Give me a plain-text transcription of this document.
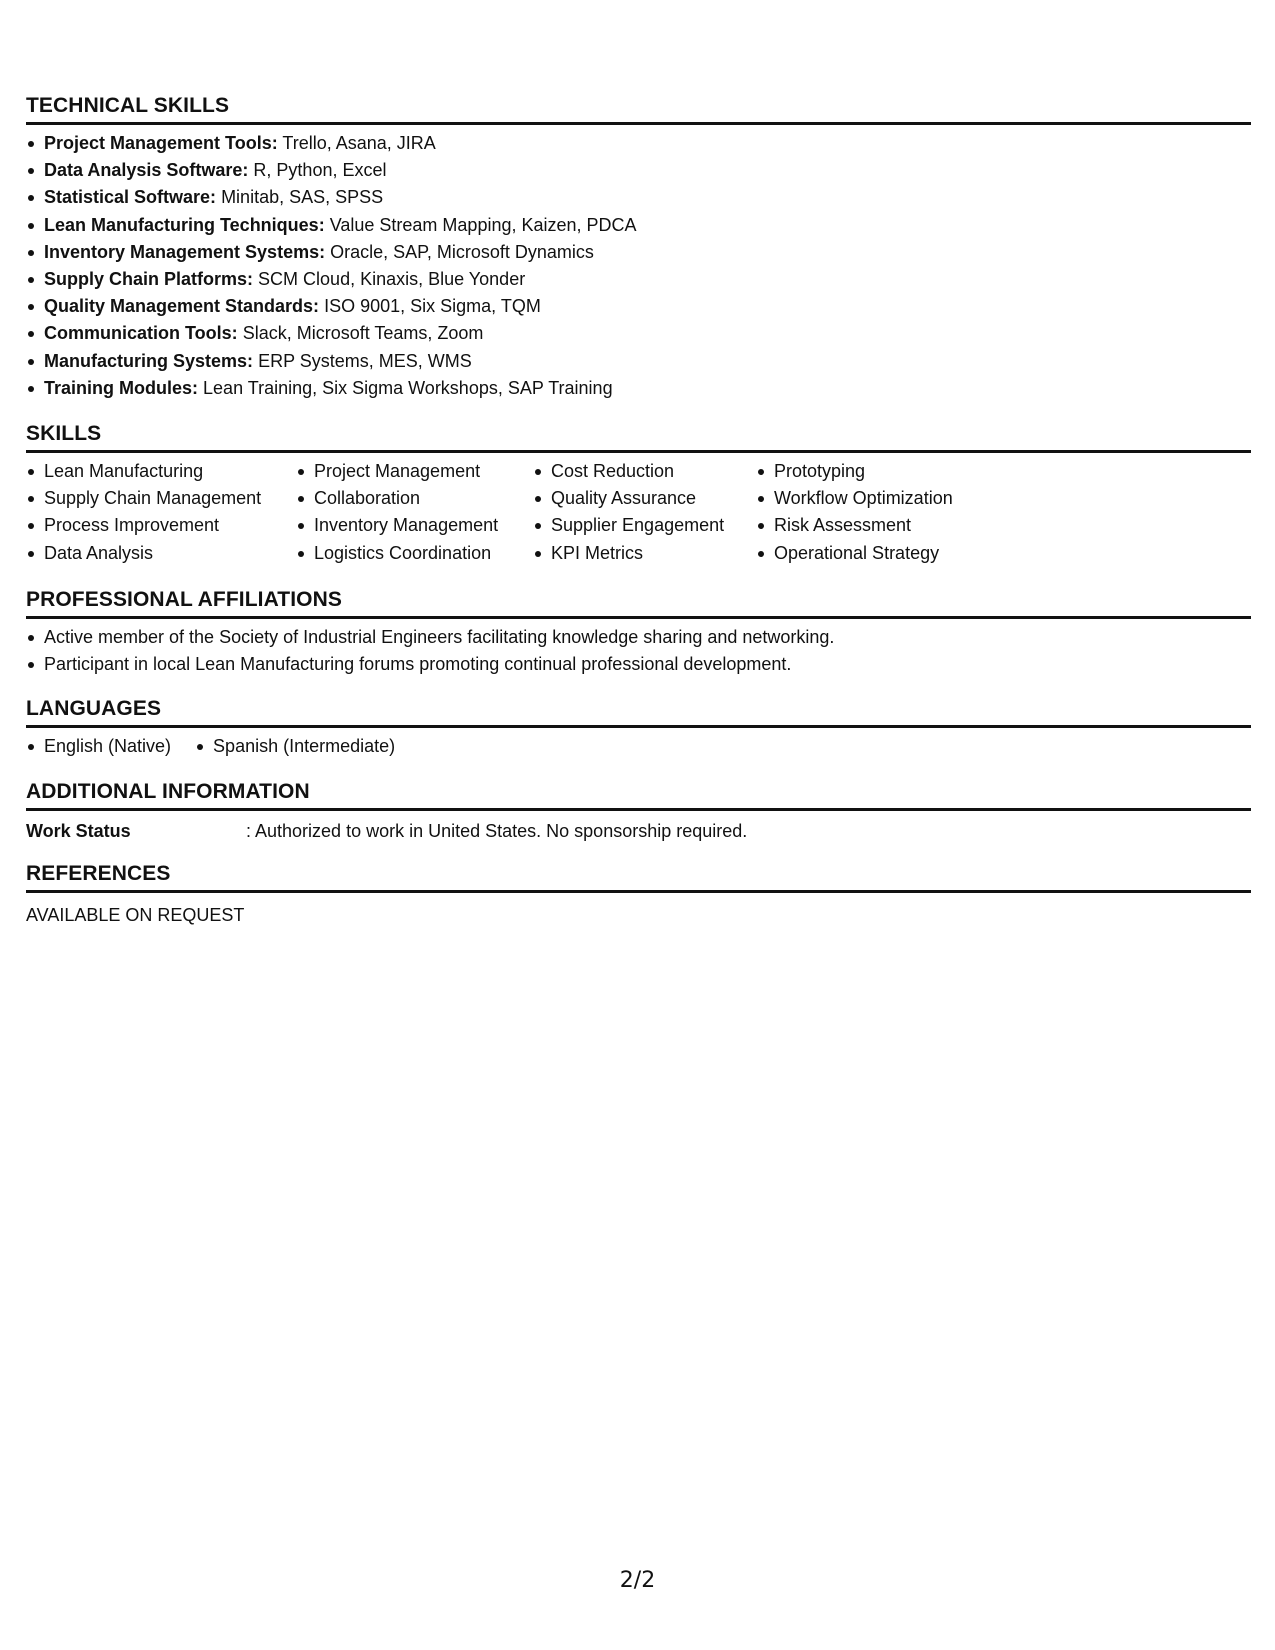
TECHNICAL SKILLS
Project Management Tools: Trello, Asana, JIRA
Data Analysis Software: R, Python, Excel
Statistical Software: Minitab, SAS, SPSS
Lean Manufacturing Techniques: Value Stream Mapping, Kaizen, PDCA
Inventory Management Systems: Oracle, SAP, Microsoft Dynamics
Supply Chain Platforms: SCM Cloud, Kinaxis, Blue Yonder
Quality Management Standards: ISO 9001, Six Sigma, TQM
Communication Tools: Slack, Microsoft Teams, Zoom
Manufacturing Systems: ERP Systems, MES, WMS
Training Modules: Lean Training, Six Sigma Workshops, SAP Training
SKILLS
Lean Manufacturing
Supply Chain Management
Process Improvement
Data Analysis
Project Management
Collaboration
Inventory Management
Logistics Coordination
Cost Reduction
Quality Assurance
Supplier Engagement
KPI Metrics
Prototyping
Workflow Optimization
Risk Assessment
Operational Strategy
PROFESSIONAL AFFILIATIONS
Active member of the Society of Industrial Engineers facilitating knowledge sharing and networking.
Participant in local Lean Manufacturing forums promoting continual professional development.
LANGUAGES
English (Native)	Spanish (Intermediate)
ADDITIONAL INFORMATION
Work Status	: Authorized to work in United States. No sponsorship required.
REFERENCES
AVAILABLE ON REQUEST
2/2
